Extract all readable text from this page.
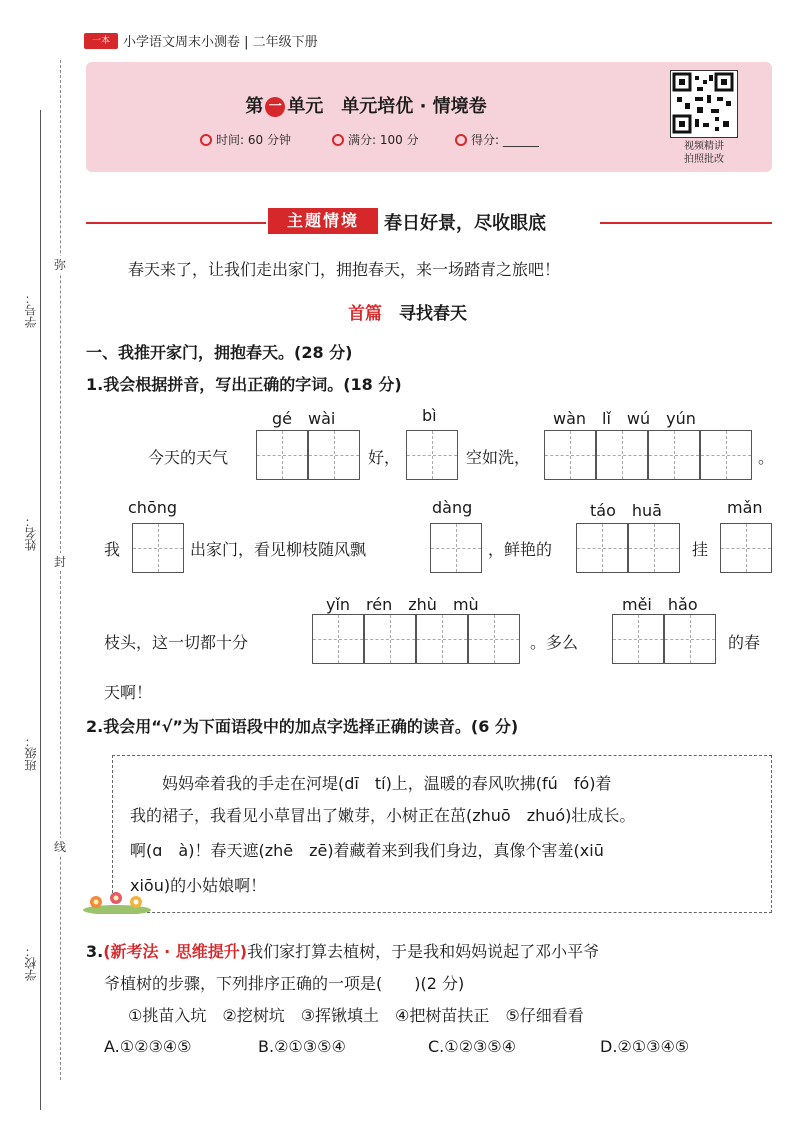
一本	小学语文周末小测卷 | 二年级下册
第 一 单元　单元培优 · 情境卷
时间: 60 分钟	满分: 100 分	得分: ______	视频精讲
拍照批改
主题情境	春日好景，尽收眼底
学号：
姓名：
班级：
学校：
弥
封
线
春天来了，让我们走出家门，拥抱春天，来一场踏青之旅吧！
首篇　 寻找春天
一、我推开家门，拥抱春天。(28 分)
1.我会根据拼音，写出正确的字词。(18 分)
gé　wài	bì	wàn　lǐ　wú　yún
今天的天气	好，	空如洗，	。
chōng	dàng	táo　huā	mǎn
我	出家门，看见柳枝随风飘	，鲜艳的	挂
yǐn　rén　zhù　mù	měi　hǎo
枝头，这一切都十分	。多么	的春
天啊！
2.我会用“√”为下面语段中的加点字选择正确的读音。(6 分)
妈妈牵着我的手走在河堤(dī　tí)上，温暖的春风吹拂(fú　fó)着
我的裙子，我看见小草冒出了嫩芽，小树正在茁(zhuō　zhuó)壮成长。
啊(ɑ　à)！春天遮(zhē　zē)着藏着来到我们身边，真像个害羞(xiū
xiōu)的小姑娘啊！
3.(新考法 · 思维提升)我们家打算去植树，于是我和妈妈说起了邓小平爷
爷植树的步骤，下列排序正确的一项是(　　)(2 分)
①挑苗入坑　②挖树坑　③挥锹填土　④把树苗扶正　⑤仔细看看
A.①②③④⑤	B.②①③⑤④	C.①②③⑤④	D.②①③④⑤
